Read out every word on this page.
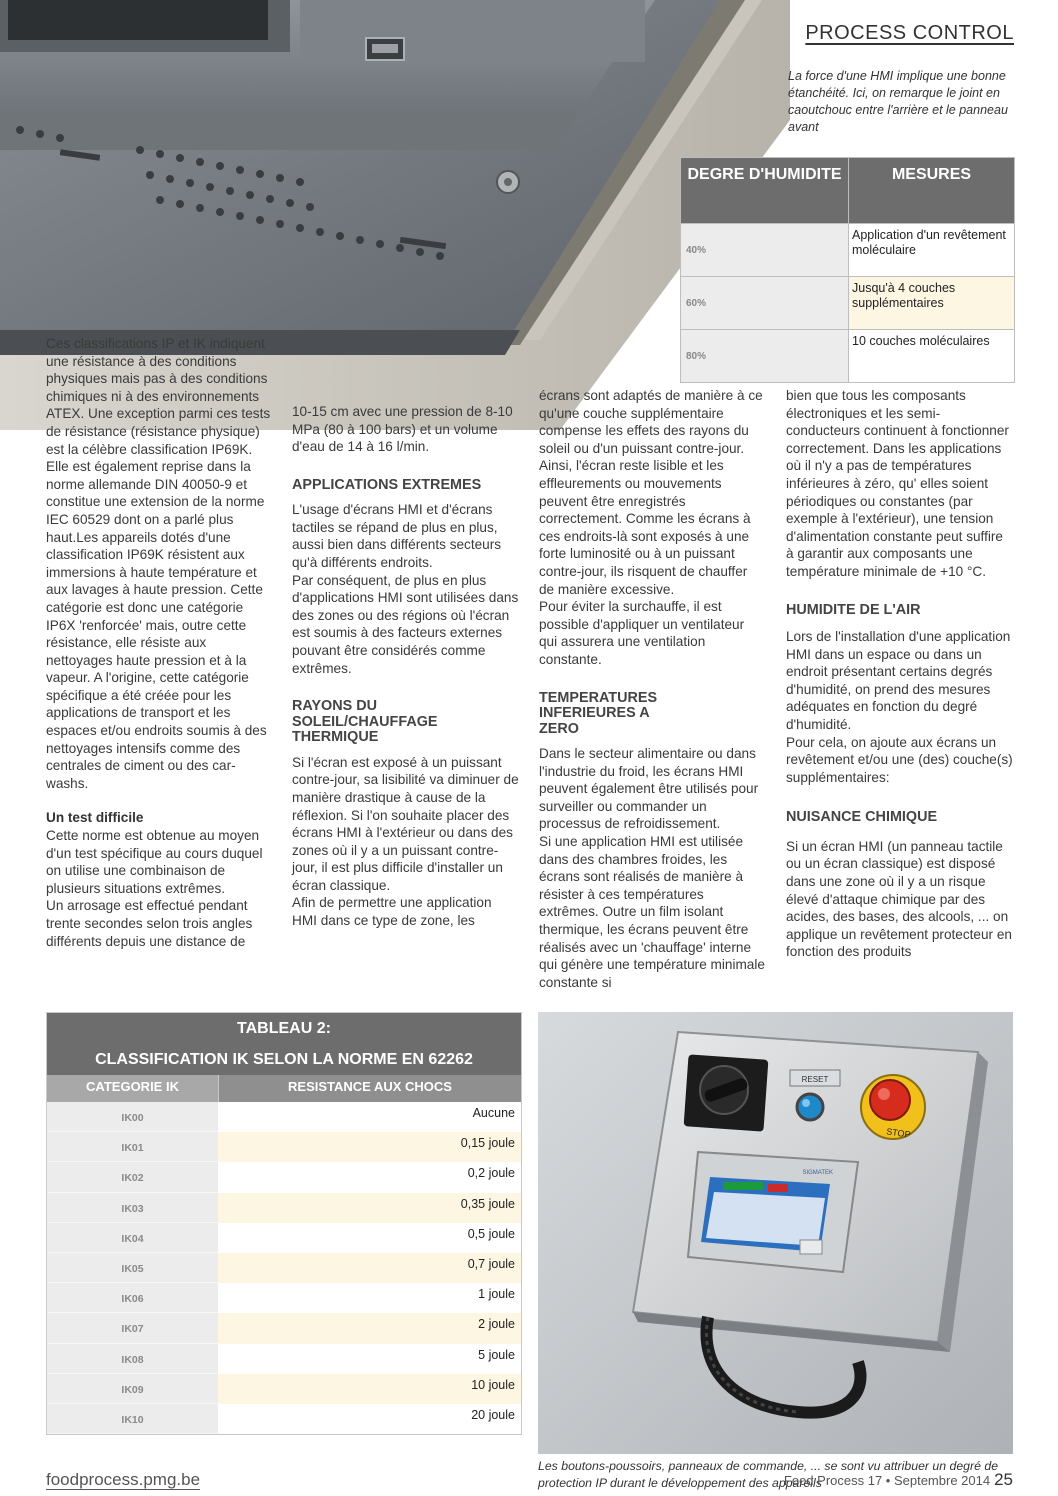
PROCESS CONTROL
La force d'une HMI implique une bonne étanchéité. Ici, on remarque le joint en caoutchouc entre l'arrière et le panneau avant
DEGRE D'HUMIDITE	MESURES
40%	Application d'un revêtement moléculaire
60%	Jusqu'à 4 couches supplémentaires
80%	10 couches moléculaires

Ces classifications IP et IK indiquent une résistance à des conditions physiques mais pas à des conditions chimiques ni à des environnements ATEX. Une exception parmi ces tests de résistance (résistance physique) est la célèbre classification IP69K. Elle est également reprise dans la norme allemande DIN 40050-9 et constitue une extension de la norme IEC 60529 dont on a parlé plus haut.Les appareils dotés d'une classification IP69K résistent aux immersions à haute température et aux lavages à haute pression. Cette catégorie est donc une catégorie IP6X 'renforcée' mais, outre cette résistance, elle résiste aux nettoyages haute pression et à la vapeur. A l'origine, cette catégorie spécifique a été créée pour les applications de transport et les espaces et/ou endroits soumis à des nettoyages intensifs comme des centrales de ciment ou des car-washs.

Un test difficile

Cette norme est obtenue au moyen d'un test spécifique au cours duquel on utilise une combinaison de plusieurs situations extrêmes.

Un arrosage est effectué pendant trente secondes selon trois angles différents depuis une distance de

10-15 cm avec une pression de 8-10 MPa (80 à 100 bars) et un volume d'eau de 14 à 16 l/min.

APPLICATIONS EXTREMES

L'usage d'écrans HMI et d'écrans tactiles se répand de plus en plus, aussi bien dans différents secteurs qu'à différents endroits.

Par conséquent, de plus en plus d'applications HMI sont utilisées dans des zones ou des régions où l'écran est soumis à des facteurs externes pouvant être considérés comme extrêmes.

RAYONS DU SOLEIL/CHAUFFAGE THERMIQUE

Si l'écran est exposé à un puissant contre-jour, sa lisibilité va diminuer de manière drastique à cause de la réflexion. Si l'on souhaite placer des écrans HMI à l'extérieur ou dans des zones où il y a un puissant contre-jour, il est plus difficile d'installer un écran classique.

Afin de permettre une application HMI dans ce type de zone, les

écrans sont adaptés de manière à ce qu'une couche supplémentaire compense les effets des rayons du soleil ou d'un puissant contre-jour. Ainsi, l'écran reste lisible et les effleurements ou mouvements peuvent être enregistrés correctement. Comme les écrans à ces endroits-là sont exposés à une forte luminosité ou à un puissant contre-jour, ils risquent de chauffer de manière excessive.

Pour éviter la surchauffe, il est possible d'appliquer un ventilateur qui assurera une ventilation constante.

TEMPERATURES INFERIEURES A ZERO

Dans le secteur alimentaire ou dans l'industrie du froid, les écrans HMI peuvent également être utilisés pour surveiller ou commander un processus de refroidissement.

Si une application HMI est utilisée dans des chambres froides, les écrans sont réalisés de manière à résister à ces températures extrêmes. Outre un film isolant thermique, les écrans peuvent être réalisés avec un 'chauffage' interne qui génère une température minimale constante si

bien que tous les composants électroniques et les semi-conducteurs continuent à fonctionner correctement. Dans les applications où il n'y a pas de températures inférieures à zéro, qu' elles soient périodiques ou constantes (par exemple à l'extérieur), une tension d'alimentation constante peut suffire à garantir aux composants une température minimale de +10 °C.

HUMIDITE DE L'AIR

Lors de l'installation d'une application HMI dans un espace ou dans un endroit présentant certains degrés d'humidité, on prend des mesures adéquates en fonction du degré d'humidité.

Pour cela, on ajoute aux écrans un revêtement et/ou une (des) couche(s) supplémentaires:

NUISANCE CHIMIQUE

Si un écran HMI (un panneau tactile ou un écran classique) est disposé dans une zone où il y a un risque élevé d'attaque chimique par des acides, des bases, des alcools, ... on applique un revêtement protecteur en fonction des produits

TABLEAU 2:
CLASSIFICATION IK SELON LA NORME EN 62262
CATEGORIE IK	RESISTANCE AUX CHOCS
IK00	Aucune
IK01	0,15 joule
IK02	0,2 joule
IK03	0,35 joule
IK04	0,5 joule
IK05	0,7 joule
IK06	1 joule
IK07	2 joule
IK08	5 joule
IK09	10 joule
IK10	20 joule
RESET
STOP
SIGMATEK
Les boutons-poussoirs, panneaux de commande, ... se sont vu attribuer un degré de protection IP durant le développement des appareils
foodprocess.pmg.be	Food Process 17 • Septembre 2014 25
